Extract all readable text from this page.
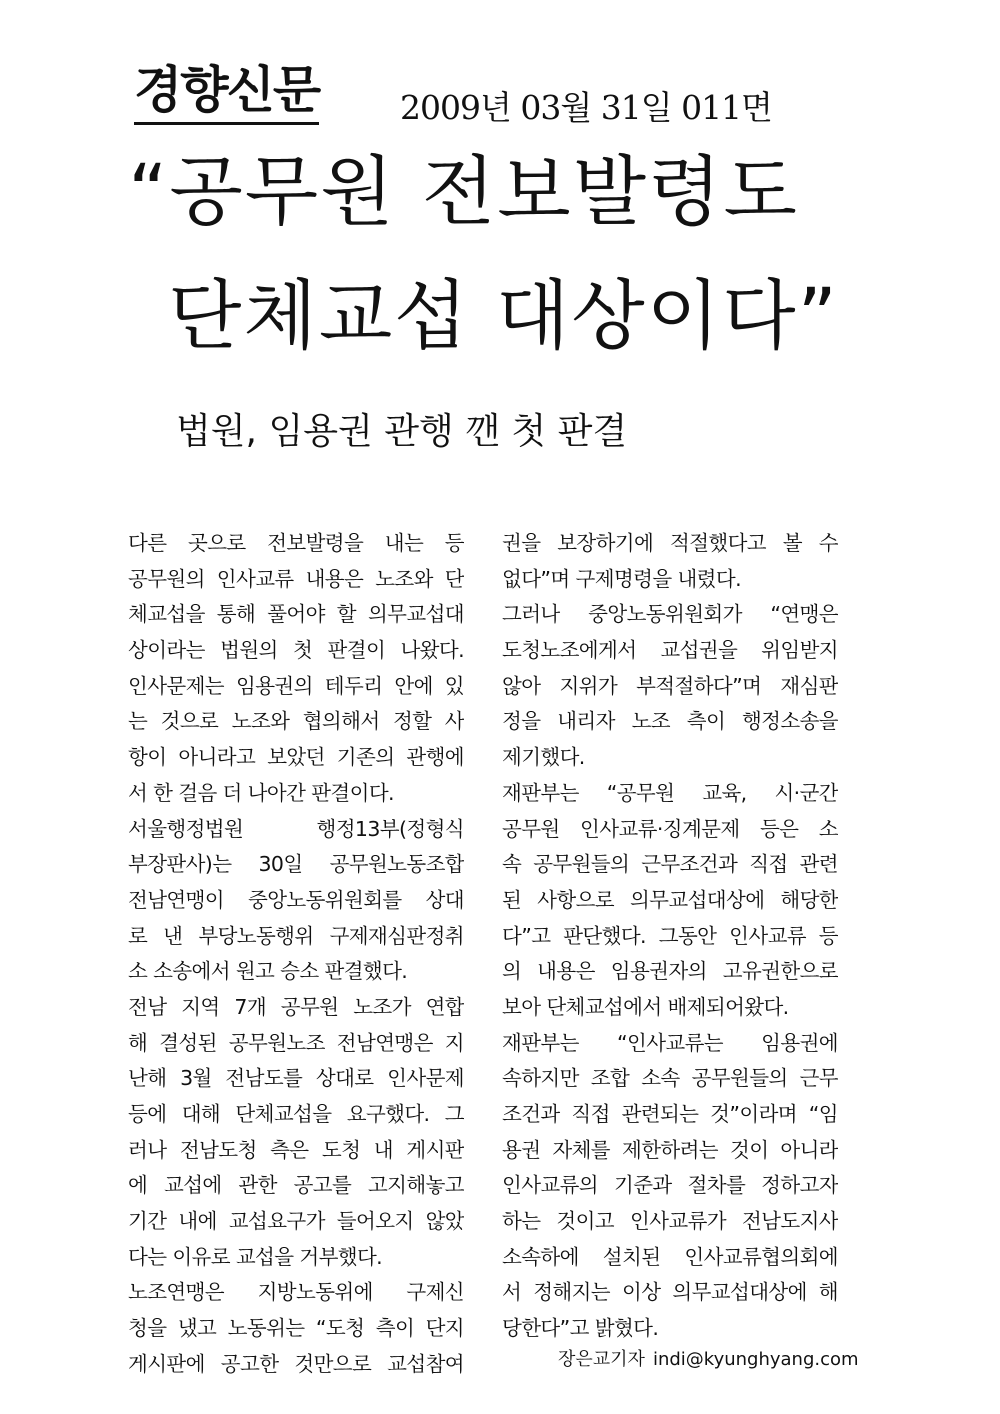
경향신문 2009년 03월 31일 011면
“공무원 전보발령도
단체교섭 대상이다”
법원, 임용권 관행 깬 첫 판결
다른 곳으로 전보발령을 내는 등
공무원의 인사교류 내용은 노조와 단
체교섭을 통해 풀어야 할 의무교섭대
상이라는 법원의 첫 판결이 나왔다.
인사문제는 임용권의 테두리 안에 있
는 것으로 노조와 협의해서 정할 사
항이 아니라고 보았던 기존의 관행에
서 한 걸음 더 나아간 판결이다.
서울행정법원 행정13부(정형식
부장판사)는 30일 공무원노동조합
전남연맹이 중앙노동위원회를 상대
로 낸 부당노동행위 구제재심판정취
소 소송에서 원고 승소 판결했다.
전남 지역 7개 공무원 노조가 연합
해 결성된 공무원노조 전남연맹은 지
난해 3월 전남도를 상대로 인사문제
등에 대해 단체교섭을 요구했다. 그
러나 전남도청 측은 도청 내 게시판
에 교섭에 관한 공고를 고지해놓고
기간 내에 교섭요구가 들어오지 않았
다는 이유로 교섭을 거부했다.
노조연맹은 지방노동위에 구제신
청을 냈고 노동위는 “도청 측이 단지
게시판에 공고한 것만으로 교섭참여
권을 보장하기에 적절했다고 볼 수
없다”며 구제명령을 내렸다.
그러나 중앙노동위원회가 “연맹은
도청노조에게서 교섭권을 위임받지
않아 지위가 부적절하다”며 재심판
정을 내리자 노조 측이 행정소송을
제기했다.
재판부는 “공무원 교육, 시·군간
공무원 인사교류·징계문제 등은 소
속 공무원들의 근무조건과 직접 관련
된 사항으로 의무교섭대상에 해당한
다”고 판단했다. 그동안 인사교류 등
의 내용은 임용권자의 고유권한으로
보아 단체교섭에서 배제되어왔다.
재판부는 “인사교류는 임용권에
속하지만 조합 소속 공무원들의 근무
조건과 직접 관련되는 것”이라며 “임
용권 자체를 제한하려는 것이 아니라
인사교류의 기준과 절차를 정하고자
하는 것이고 인사교류가 전남도지사
소속하에 설치된 인사교류협의회에
서 정해지는 이상 의무교섭대상에 해
당한다”고 밝혔다.
장은교기자 indi@kyunghyang.com
